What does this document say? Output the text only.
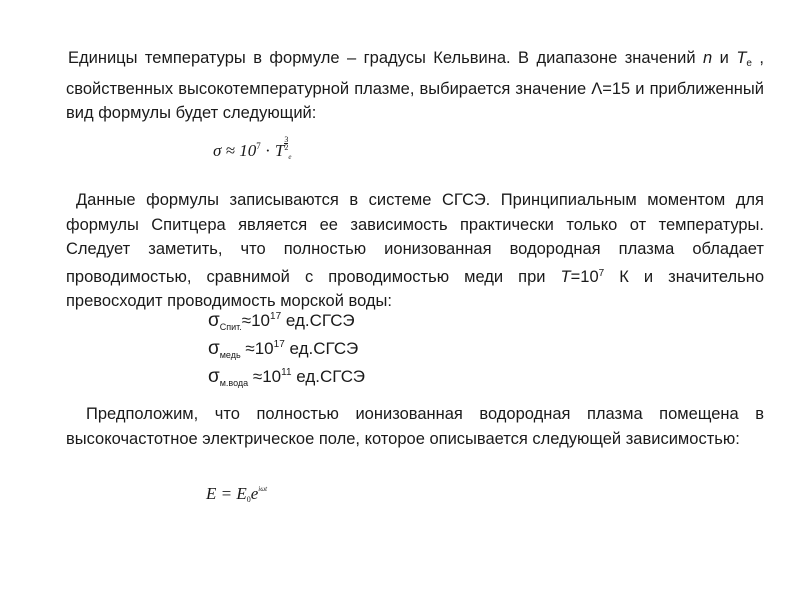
Единицы температуры в формуле – градусы Кельвина. В диапазоне значений n и $T_e$ , свойственных высокотемпературной плазме, выбирается значение Λ=15 и приближенный вид формулы будет следующий:
$\sigma \approx 10^7 \cdot T \frac{3}{2}$
e
Данные формулы записываются в системе СГСЭ. Принципиальным моментом для формулы Спитцера является ее зависимость практически только от температуры. Следует заметить, что полностью ионизованная водородная плазма обладает проводимостью, сравнимой с проводимостью меди при $T=10^7$ К и значительно превосходит проводимость морской воды:
$\sigma_{Спит.}\approx 10^{17}$ ед.СГСЭ
$\sigma_{медь} \approx 10^{17}$ ед.СГСЭ
$\sigma_{м.вода} \approx 10^{11}$ ед.СГСЭ
Предположим, что полностью ионизованная водородная плазма помещена в высокочастотное электрическое поле, которое описывается следующей зависимостью:
$E = E0e^{i\omega t}$
